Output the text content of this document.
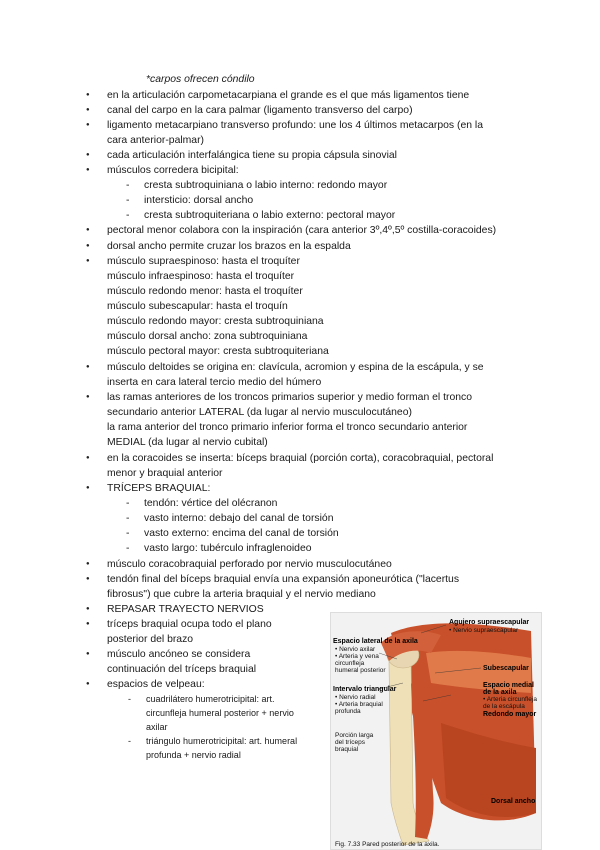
*carpos ofrecen cóndilo
● en la articulación carpometacarpiana el grande es el que más ligamentos tiene
● canal del carpo en la cara palmar (ligamento transverso del carpo)
● ligamento metacarpiano transverso profundo: une los 4 últimos metacarpos (en la
cara anterior-palmar)
● cada articulación interfalángica tiene su propia cápsula sinovial
● músculos corredera bicipital:
- cresta subtroquiniana o labio interno: redondo mayor
- intersticio: dorsal ancho
- cresta subtroquiteriana o labio externo: pectoral mayor
● pectoral menor colabora con la inspiración (cara anterior 3º,4º,5º costilla-coracoides)
● dorsal ancho permite cruzar los brazos en la espalda
● músculo supraespinoso: hasta el troquíter
músculo infraespinoso: hasta el troquíter
músculo redondo menor: hasta el troquíter
músculo subescapular: hasta el troquín
músculo redondo mayor: cresta subtroquiniana
músculo dorsal ancho: zona subtroquiniana
músculo pectoral mayor: cresta subtroquiteriana
● músculo deltoides se origina en: clavícula, acromion y espina de la escápula, y se
inserta en cara lateral tercio medio del húmero
● las ramas anteriores de los troncos primarios superior y medio forman el tronco
secundario anterior LATERAL (da lugar al nervio musculocutáneo)
la rama anterior del tronco primario inferior forma el tronco secundario anterior
MEDIAL (da lugar al nervio cubital)
● en la coracoides se inserta: bíceps braquial (porción corta), coracobraquial, pectoral
menor y braquial anterior
● TRÍCEPS BRAQUIAL:
- tendón: vértice del olécranon
- vasto interno: debajo del canal de torsión
- vasto externo: encima del canal de torsión
- vasto largo: tubérculo infraglenoideo
● músculo coracobraquial perforado por nervio musculocutáneo
● tendón final del bíceps braquial envía una expansión aponeurótica ("lacertus
fibrosus") que cubre la arteria braquial y el nervio mediano
● REPASAR TRAYECTO NERVIOS
● tríceps braquial ocupa todo el plano
posterior del brazo
● músculo ancóneo se considera
continuación del tríceps braquial
● espacios de velpeau:
- cuadrilátero humerotricipital: art.
circunfleja humeral posterior + nervio
axilar
- triángulo humerotricipital: art. humeral
profunda + nervio radial
Agujero supraescapular
• Nervio supraescapular
Espacio lateral de la axila
• Nervio axilar
• Arteria y vena
circunfleja
humeral posterior	Subescapular
Intervalo triangular
• Nervio radial
• Arteria braquial
profunda
Espacio medial
de la axila
• Arteria circunfleja
de la escápula
Redondo mayor
Porción larga
del tríceps
braquial
Dorsal ancho
Fig. 7.33 Pared posterior de la axila.
